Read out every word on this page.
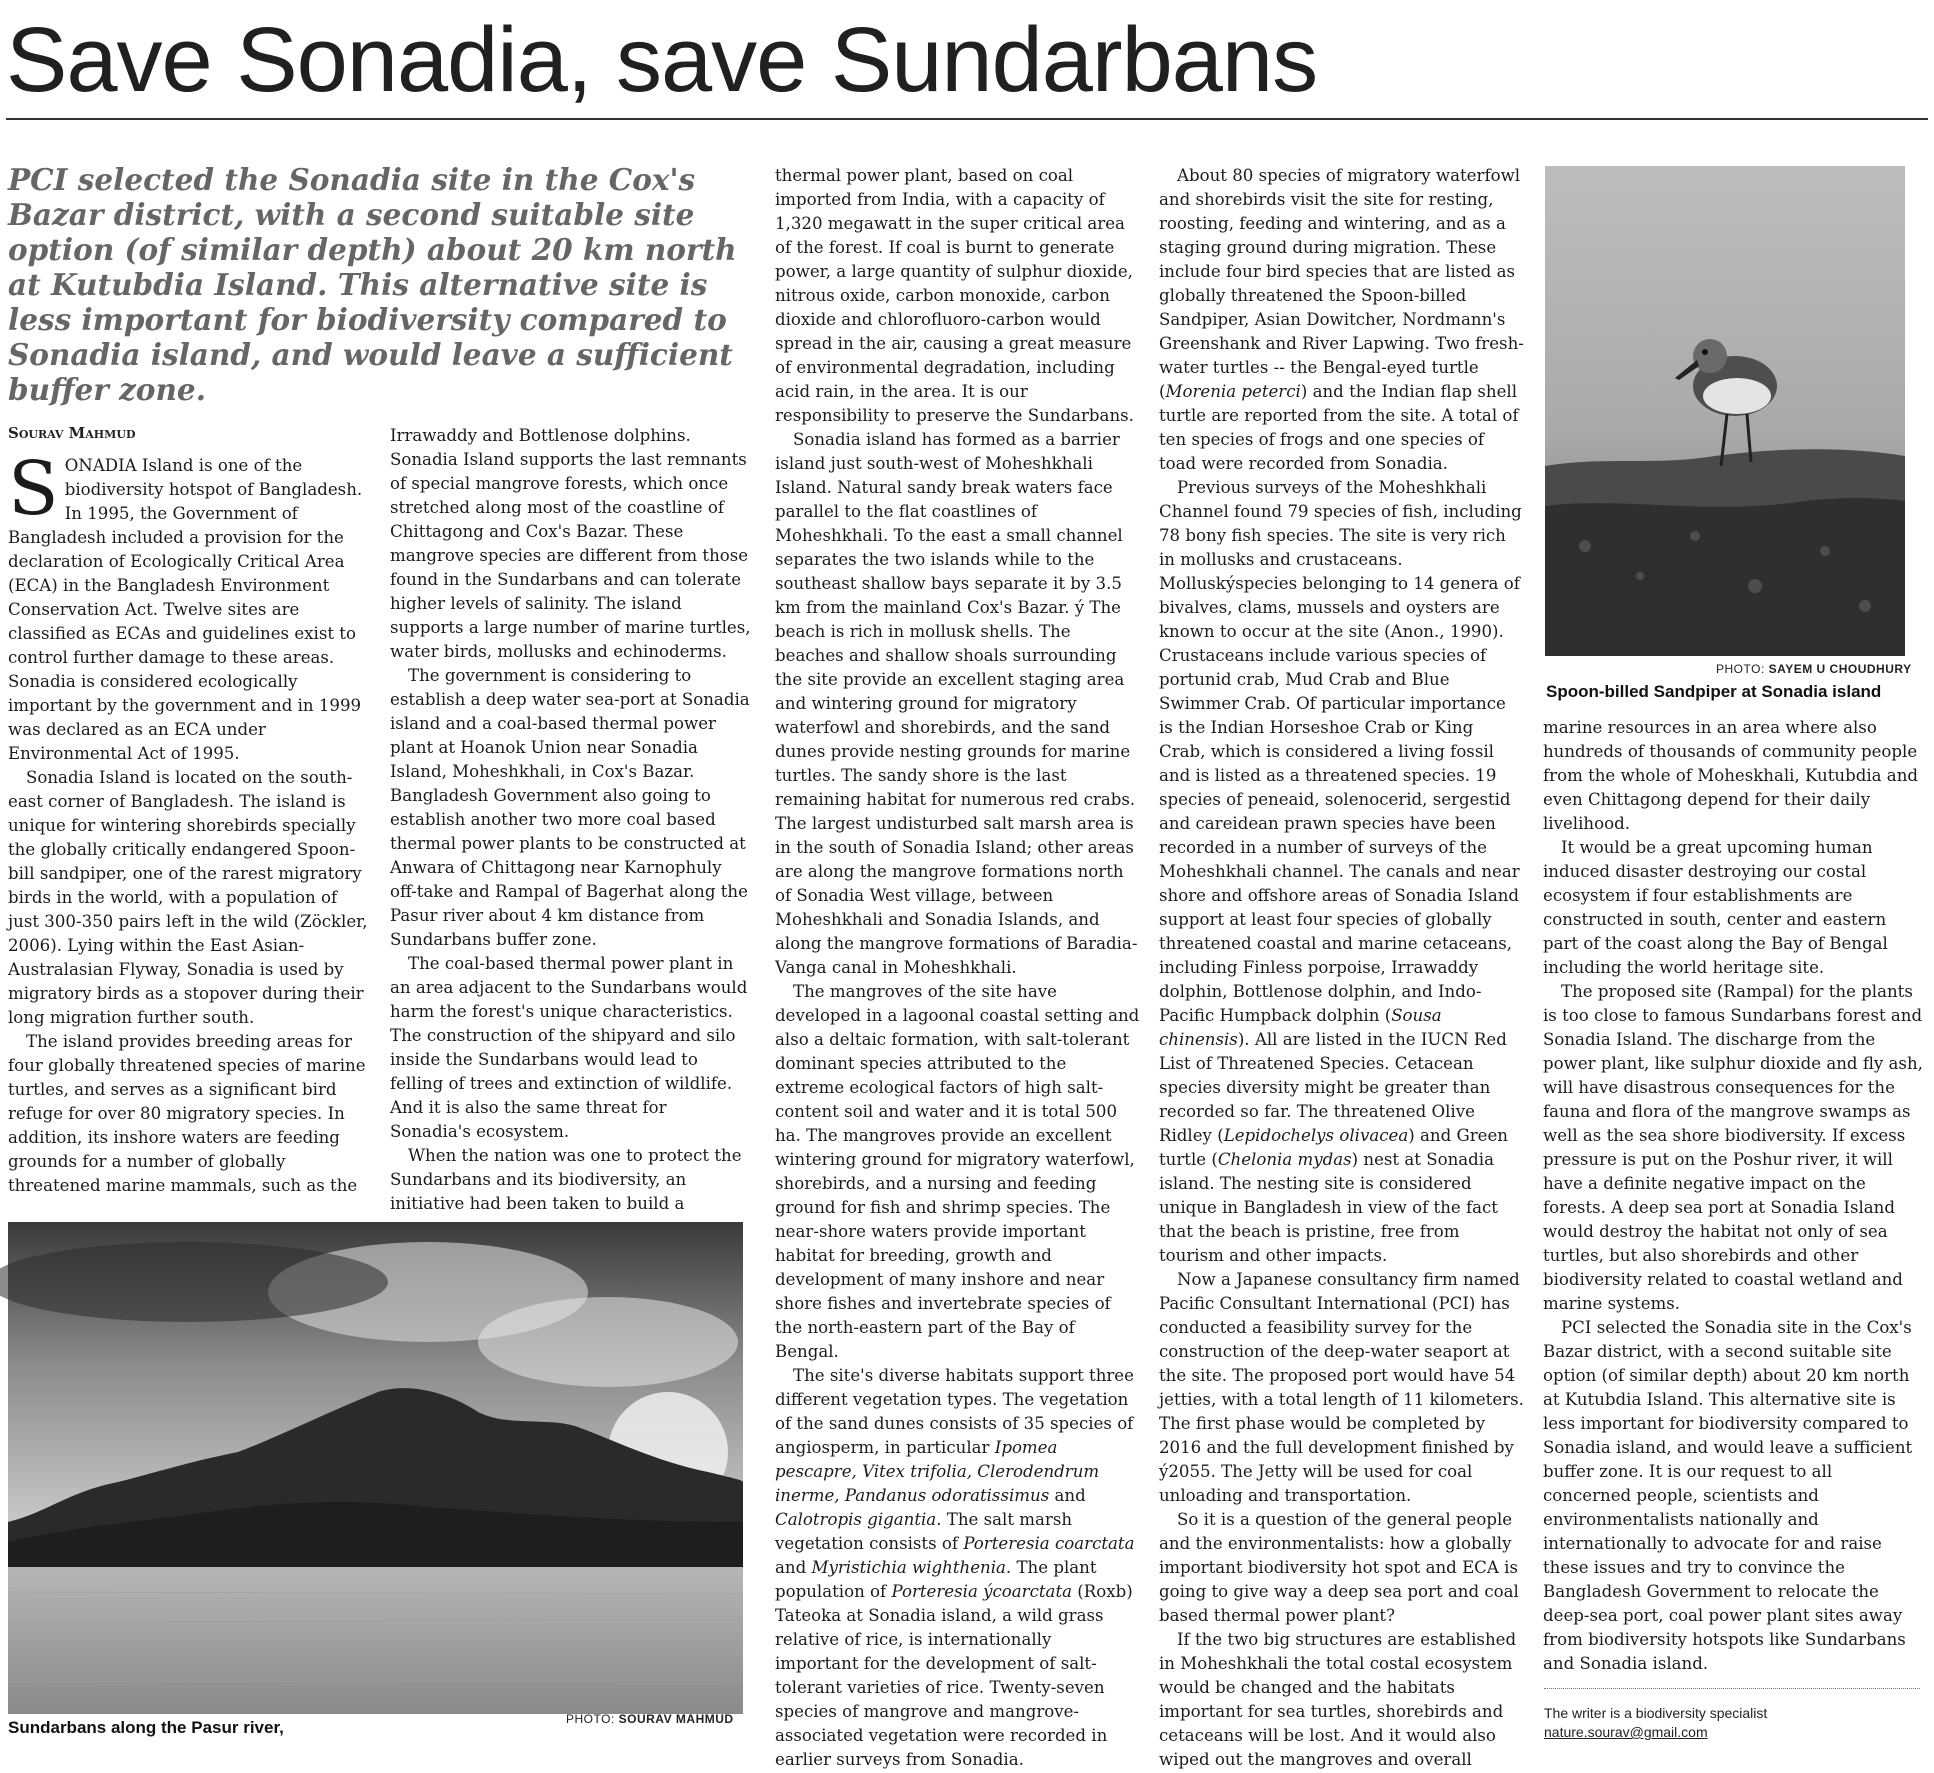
Save Sonadia, save Sundarbans

PCI selected the Sonadia site in the Cox's Bazar district, with a second suitable site option (of similar depth) about 20 km north at Kutubdia Island. This alternative site is less important for biodiversity compared to Sonadia island, and would leave a sufficient buffer zone.

Sourav Mahmud

SONADIA Island is one of the biodiversity hotspot of Bangladesh. In 1995, the Government of Bangladesh included a provision for the declaration of Ecologically Critical Area (ECA) in the Bangladesh Environment Conservation Act. Twelve sites are classified as ECAs and guidelines exist to control further damage to these areas. Sonadia is considered ecologically important by the government and in 1999 was declared as an ECA under Environmental Act of 1995.

Sonadia Island is located on the south-east corner of Bangladesh. The island is unique for wintering shorebirds specially the globally critically endangered Spoon-bill sandpiper, one of the rarest migratory birds in the world, with a population of just 300-350 pairs left in the wild (Zöckler, 2006). Lying within the East Asian-Australasian Flyway, Sonadia is used by migratory birds as a stopover during their long migration further south.

The island provides breeding areas for four globally threatened species of marine turtles, and serves as a significant bird refuge for over 80 migratory species. In addition, its inshore waters are feeding grounds for a number of globally threatened marine mammals, such as the

Irrawaddy and Bottlenose dolphins. Sonadia Island supports the last remnants of special mangrove forests, which once stretched along most of the coastline of Chittagong and Cox's Bazar. These mangrove species are different from those found in the Sundarbans and can tolerate higher levels of salinity. The island supports a large number of marine turtles, water birds, mollusks and echinoderms.

The government is considering to establish a deep water sea-port at Sonadia island and a coal-based thermal power plant at Hoanok Union near Sonadia Island, Moheshkhali, in Cox's Bazar. Bangladesh Government also going to establish another two more coal based thermal power plants to be constructed at Anwara of Chittagong near Karnophuly off-take and Rampal of Bagerhat along the Pasur river about 4 km distance from Sundarbans buffer zone.

The coal-based thermal power plant in an area adjacent to the Sundarbans would harm the forest's unique characteristics. The construction of the shipyard and silo inside the Sundarbans would lead to felling of trees and extinction of wildlife. And it is also the same threat for Sonadia's ecosystem.

When the nation was one to protect the Sundarbans and its biodiversity, an initiative had been taken to build a

Sundarbans along the Pasur river,	PHOTO: SOURAV MAHMUD

thermal power plant, based on coal imported from India, with a capacity of 1,320 megawatt in the super critical area of the forest. If coal is burnt to generate power, a large quantity of sulphur dioxide, nitrous oxide, carbon monoxide, carbon dioxide and chlorofluoro-carbon would spread in the air, causing a great measure of environmental degradation, including acid rain, in the area. It is our responsibility to preserve the Sundarbans.

Sonadia island has formed as a barrier island just south-west of Moheshkhali Island. Natural sandy break waters face parallel to the flat coastlines of Moheshkhali. To the east a small channel separates the two islands while to the southeast shallow bays separate it by 3.5 km from the mainland Cox's Bazar. ý The beach is rich in mollusk shells. The beaches and shallow shoals surrounding the site provide an excellent staging area and wintering ground for migratory waterfowl and shorebirds, and the sand dunes provide nesting grounds for marine turtles. The sandy shore is the last remaining habitat for numerous red crabs. The largest undisturbed salt marsh area is in the south of Sonadia Island; other areas are along the mangrove formations north of Sonadia West village, between Moheshkhali and Sonadia Islands, and along the mangrove formations of Baradia-Vanga canal in Moheshkhali.

The mangroves of the site have developed in a lagoonal coastal setting and also a deltaic formation, with salt-tolerant dominant species attributed to the extreme ecological factors of high salt-content soil and water and it is total 500 ha. The mangroves provide an excellent wintering ground for migratory waterfowl, shorebirds, and a nursing and feeding ground for fish and shrimp species. The near-shore waters provide important habitat for breeding, growth and development of many inshore and near shore fishes and invertebrate species of the north-eastern part of the Bay of Bengal.

The site's diverse habitats support three different vegetation types. The vegetation of the sand dunes consists of 35 species of angiosperm, in particular Ipomea pescapre, Vitex trifolia, Clerodendrum inerme, Pandanus odoratissimus and Calotropis gigantia. The salt marsh vegetation consists of Porteresia coarctata and Myristichia wighthenia. The plant population of Porteresia ýcoarctata (Roxb) Tateoka at Sonadia island, a wild grass relative of rice, is internationally important for the development of salt-tolerant varieties of rice. Twenty-seven species of mangrove and mangrove-associated vegetation were recorded in earlier surveys from Sonadia.

About 80 species of migratory waterfowl and shorebirds visit the site for resting, roosting, feeding and wintering, and as a staging ground during migration. These include four bird species that are listed as globally threatened the Spoon-billed Sandpiper, Asian Dowitcher, Nordmann's Greenshank and River Lapwing. Two fresh-water turtles -- the Bengal-eyed turtle (Morenia peterci) and the Indian flap shell turtle are reported from the site. A total of ten species of frogs and one species of toad were recorded from Sonadia.

Previous surveys of the Moheshkhali Channel found 79 species of fish, including 78 bony fish species. The site is very rich in mollusks and crustaceans. Molluskýspecies belonging to 14 genera of bivalves, clams, mussels and oysters are known to occur at the site (Anon., 1990). Crustaceans include various species of portunid crab, Mud Crab and Blue Swimmer Crab. Of particular importance is the Indian Horseshoe Crab or King Crab, which is considered a living fossil and is listed as a threatened species. 19 species of peneaid, solenocerid, sergestid and careidean prawn species have been recorded in a number of surveys of the Moheshkhali channel. The canals and near shore and offshore areas of Sonadia Island support at least four species of globally threatened coastal and marine cetaceans, including Finless porpoise, Irrawaddy dolphin, Bottlenose dolphin, and Indo-Pacific Humpback dolphin (Sousa chinensis). All are listed in the IUCN Red List of Threatened Species. Cetacean species diversity might be greater than recorded so far. The threatened Olive Ridley (Lepidochelys olivacea) and Green turtle (Chelonia mydas) nest at Sonadia island. The nesting site is considered unique in Bangladesh in view of the fact that the beach is pristine, free from tourism and other impacts.

Now a Japanese consultancy firm named Pacific Consultant International (PCI) has conducted a feasibility survey for the construction of the deep-water seaport at the site. The proposed port would have 54 jetties, with a total length of 11 kilometers. The first phase would be completed by 2016 and the full development finished by ý2055. The Jetty will be used for coal unloading and transportation.

So it is a question of the general people and the environmentalists: how a globally important biodiversity hot spot and ECA is going to give way a deep sea port and coal based thermal power plant?

If the two big structures are established in Moheshkhali the total costal ecosystem would be changed and the habitats important for sea turtles, shorebirds and cetaceans will be lost. And it would also wiped out the mangroves and overall

PHOTO: SAYEM U CHOUDHURY
Spoon-billed Sandpiper at Sonadia island

marine resources in an area where also hundreds of thousands of community people from the whole of Moheskhali, Kutubdia and even Chittagong depend for their daily livelihood.

It would be a great upcoming human induced disaster destroying our costal ecosystem if four establishments are constructed in south, center and eastern part of the coast along the Bay of Bengal including the world heritage site.

The proposed site (Rampal) for the plants is too close to famous Sundarbans forest and Sonadia Island. The discharge from the power plant, like sulphur dioxide and fly ash, will have disastrous consequences for the fauna and flora of the mangrove swamps as well as the sea shore biodiversity. If excess pressure is put on the Poshur river, it will have a definite negative impact on the forests. A deep sea port at Sonadia Island would destroy the habitat not only of sea turtles, but also shorebirds and other biodiversity related to coastal wetland and marine systems.

PCI selected the Sonadia site in the Cox's Bazar district, with a second suitable site option (of similar depth) about 20 km north at Kutubdia Island. This alternative site is less important for biodiversity compared to Sonadia island, and would leave a sufficient buffer zone. It is our request to all concerned people, scientists and environmentalists nationally and internationally to advocate for and raise these issues and try to convince the Bangladesh Government to relocate the deep-sea port, coal power plant sites away from biodiversity hotspots like Sundarbans and Sonadia island.

The writer is a biodiversity specialist
nature.sourav@gmail.com
